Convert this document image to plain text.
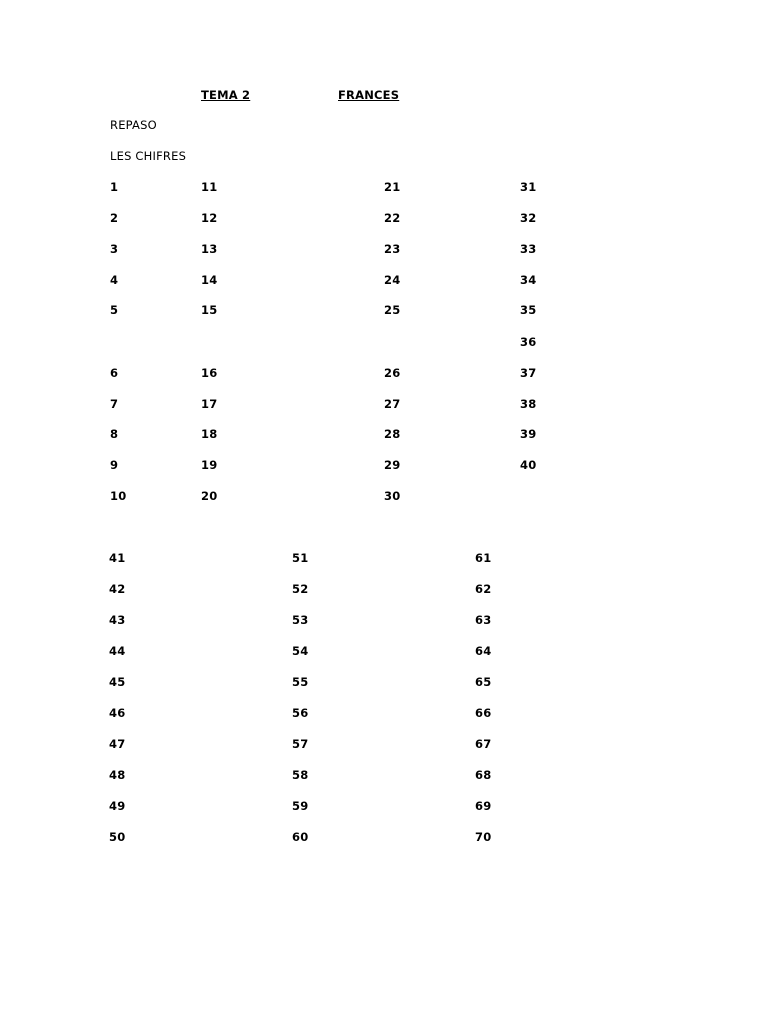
TEMA 2	FRANCES
REPASO
LES CHIFRES
1
2
3
4
5
6
7
8
9
10
11
12
13
14
15
16
17
18
19
20
21
22
23
24
25
26
27
28
29
30
31
32
33
34
35
36
37
38
39
40
41
42
43
44
45
46
47
48
49
50
51
52
53
54
55
56
57
58
59
60
61
62
63
64
65
66
67
68
69
70
